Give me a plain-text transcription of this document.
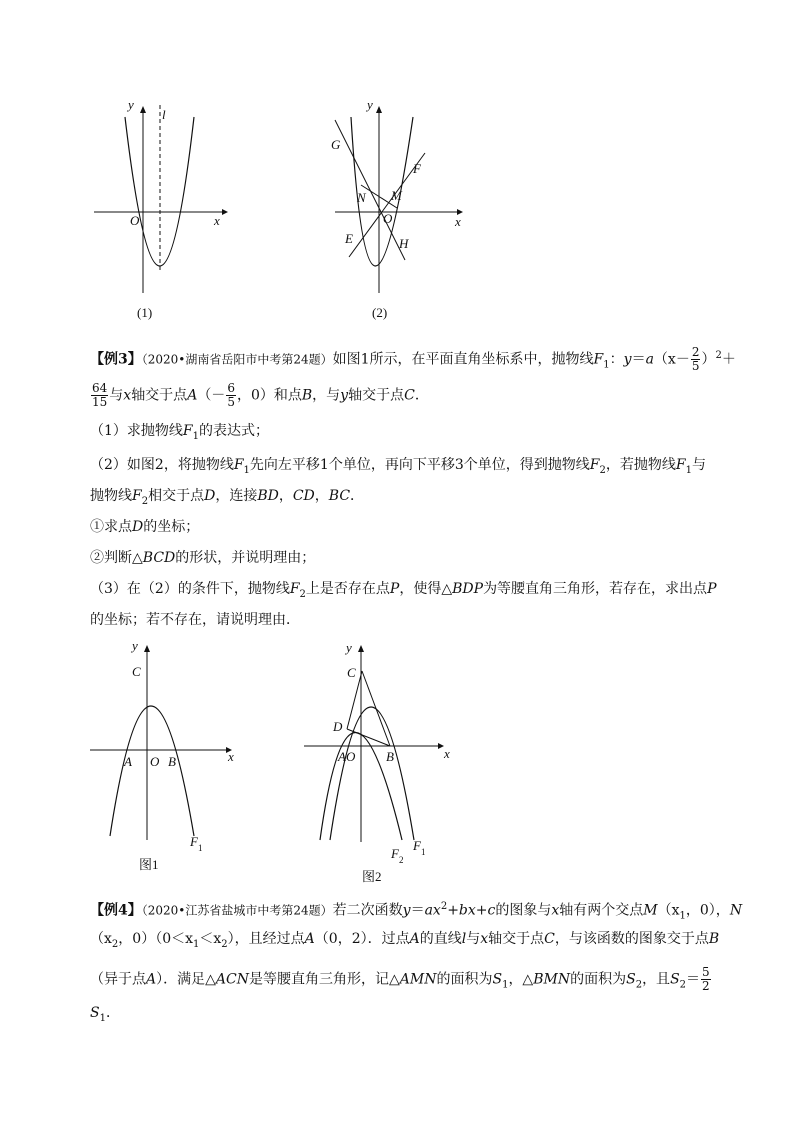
y
l
O	x
(1)
y
G
F
N M
O	x
E	H
(2)
【例3】（2020•湖南省岳阳市中考第24题）如图1所示，在平面直角坐标系中，抛物线$F_1$：$y=a(x- \frac{2}{5} )^2+$
$\frac{64}{15}$ 与x轴交于点$A(- \frac{6}{5}$ ，0）和点B，与y轴交于点C．
（1）求抛物线$F_1$的表达式；
（2）如图2，将抛物线$F_1$先向左平移1个单位，再向下平移3个单位，得到抛物线$F_2$，若抛物线$F_1$与
抛物线$F_2$相交于点D，连接BD，CD，BC．
①求点D的坐标；
②判断△BCD的形状，并说明理由；
（3）在（2）的条件下，抛物线$F_2$上是否存在点P，使得△BDP为等腰直角三角形，若存在，求出点P
的坐标；若不存在，请说明理由．
y
C
A O B	x
F 1
图1
y
C
D
AO B	x
F 2
F 1
图2
【例4】（2020•江苏省盐城市中考第24题）若二次函数$y=ax^2+bx+c$的图象与x轴有两个交点$M(x_1$，0），N
（$x_2$，$0)(0<x_1<x_2)$，且经过点A（0，2）．过点A的直线l与x轴交于点C，与该函数的图象交于点B
（异于点A）．满足△ACN是等腰直角三角形，记△AMN的面积为$S_1$，△BMN的面积为$S_2$，且$S_2= \frac{5}{2}$
$S_1$．
